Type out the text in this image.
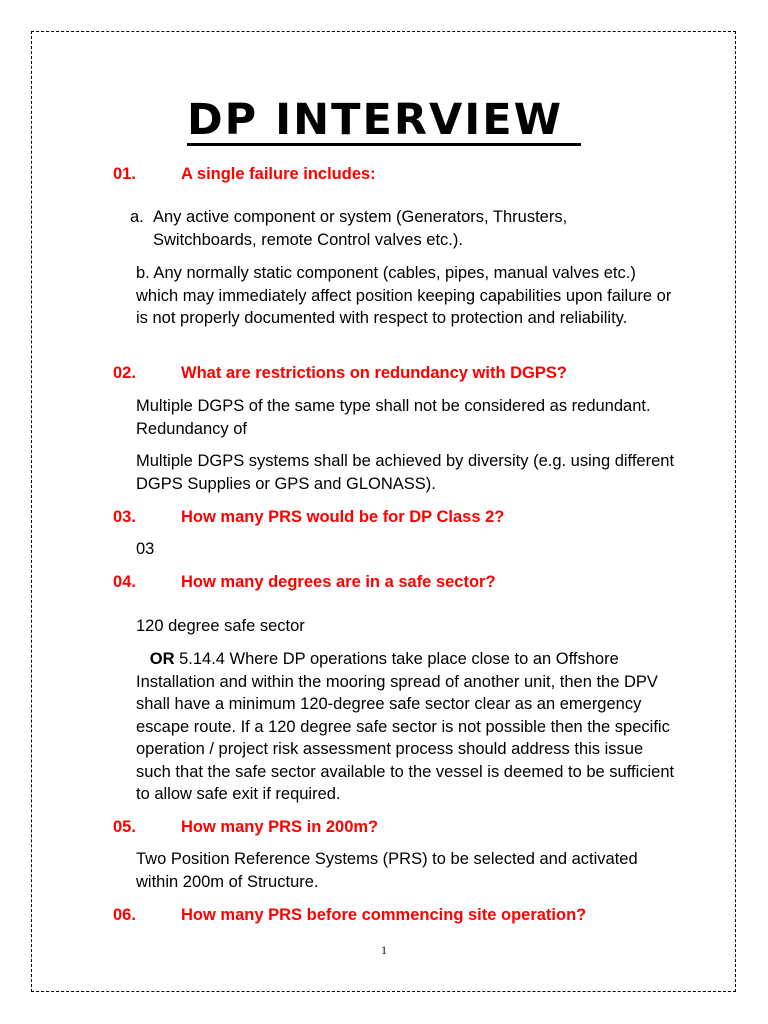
DP INTERVIEW
01.	A single failure includes:
a. Any active component or system (Generators, Thrusters, Switchboards, remote Control valves etc.).
b. Any normally static component (cables, pipes, manual valves etc.) which may immediately affect position keeping capabilities upon failure or is not properly documented with respect to protection and reliability.
02.	What are restrictions on redundancy with DGPS?
Multiple DGPS of the same type shall not be considered as redundant. Redundancy of
Multiple DGPS systems shall be achieved by diversity (e.g. using different DGPS Supplies or GPS and GLONASS).
03.	How many PRS would be for DP Class 2?
03
04.	How many degrees are in a safe sector?
120 degree safe sector
OR 5.14.4 Where DP operations take place close to an Offshore Installation and within the mooring spread of another unit, then the DPV shall have a minimum 120-degree safe sector clear as an emergency escape route. If a 120 degree safe sector is not possible then the specific operation / project risk assessment process should address this issue such that the safe sector available to the vessel is deemed to be sufficient to allow safe exit if required.
05.	How many PRS in 200m?
Two Position Reference Systems (PRS) to be selected and activated within 200m of Structure.
06.	How many PRS before commencing site operation?
1
